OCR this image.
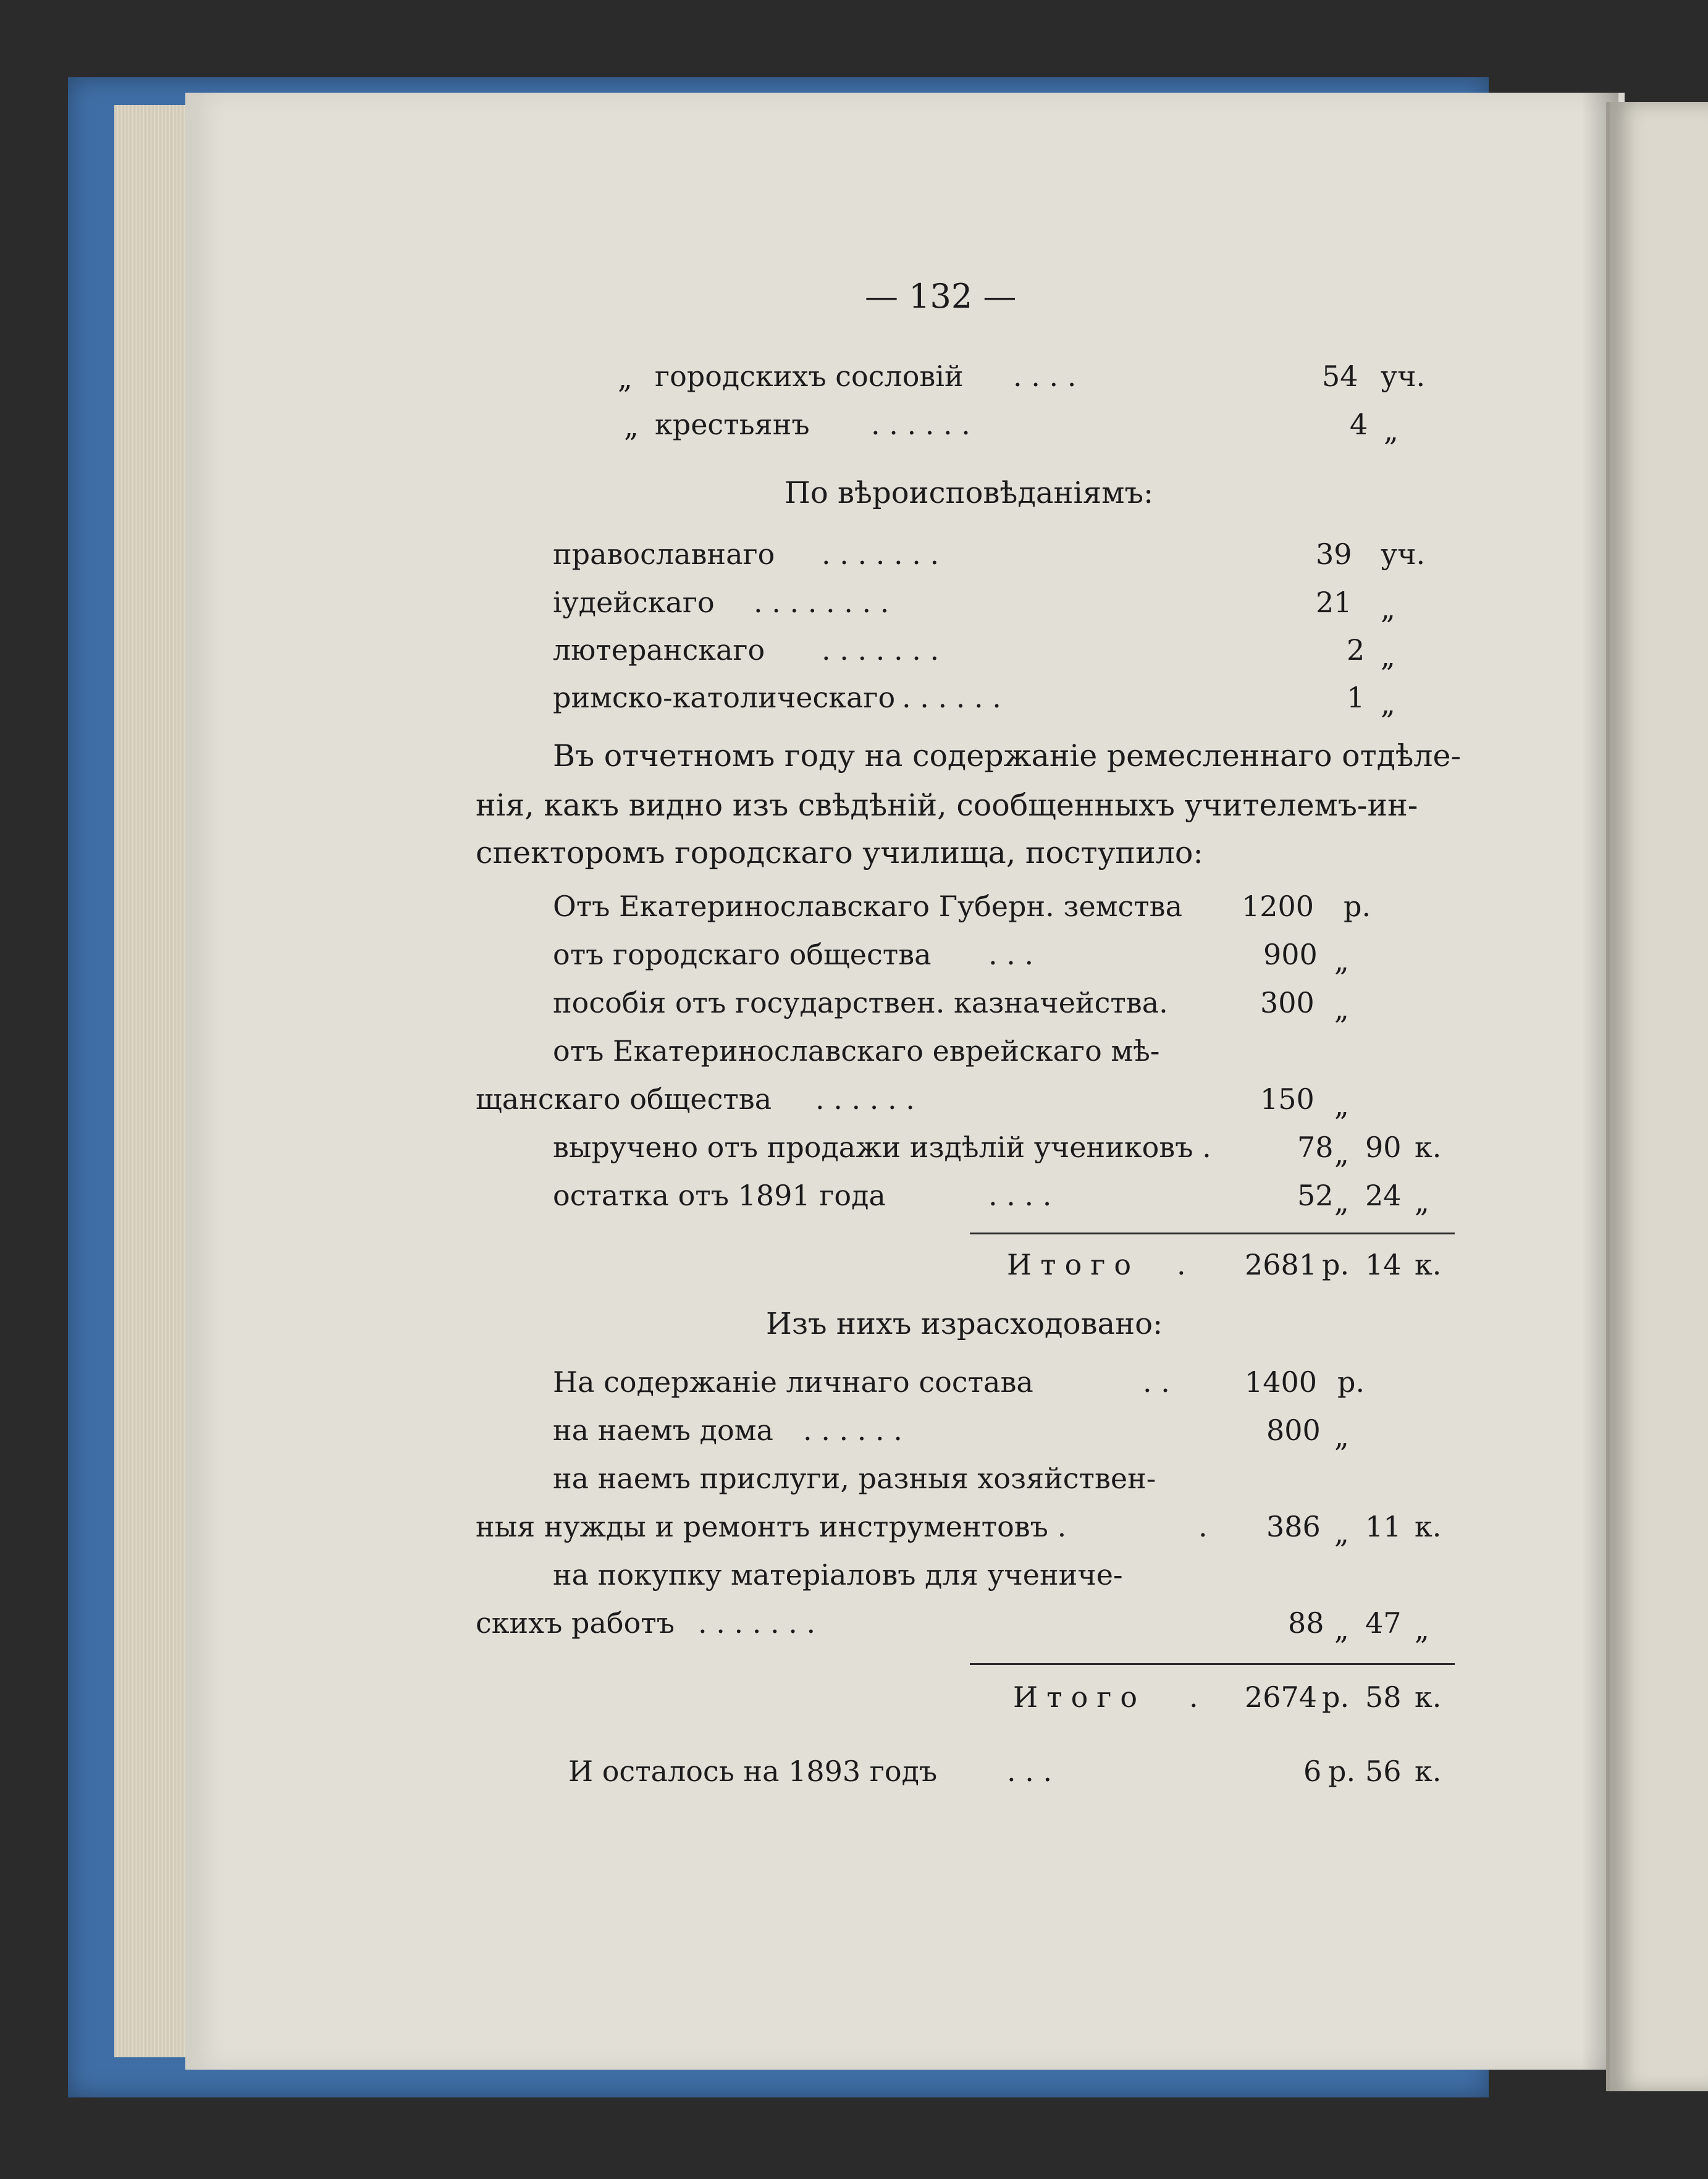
— 132 —
„ городскихъ сословій . . . .	54 уч.
„ крестьянъ . . . . . .	4 „
По вѣроисповѣданіямъ:
православнаго . . . . . . .	39 уч.
іудейскаго . . . . . . . .	21 „
лютеранскаго . . . . . . .	2 „
римско-католическаго . . . . . .	1 „
Въ отчетномъ году на содержаніе ремесленнаго отдѣле-
нія, какъ видно изъ свѣдѣній, сообщенныхъ учителемъ-ин-
спекторомъ городскаго училища, поступило:
Отъ Екатеринославскаго Губерн. земства 1200 р.
отъ городскаго общества . . .	900 „
пособія отъ государствен. казначейства.	300 „
отъ Екатеринославскаго еврейскаго мѣ-
щанскаго общества . . . . . .	150 „
выручено отъ продажи издѣлій учениковъ .	78 „ 90 к.
остатка отъ 1891 года	. . . .	52 „ 24 „
Итого . 2681 р. 14 к.
Изъ нихъ израсходовано:
На содержаніе личнаго состава	. .	1400 р.
на наемъ дома . . . . . .	800 „
на наемъ прислуги, разныя хозяйствен-
ныя нужды и ремонтъ инструментовъ .	. 386 „ 11 к.
на покупку матеріаловъ для учениче-
скихъ работъ . . . . . . .	88 „ 47 „
Итого . 2674 р. 58 к.
И осталось на 1893 годъ . . .	6 р. 56 к.
